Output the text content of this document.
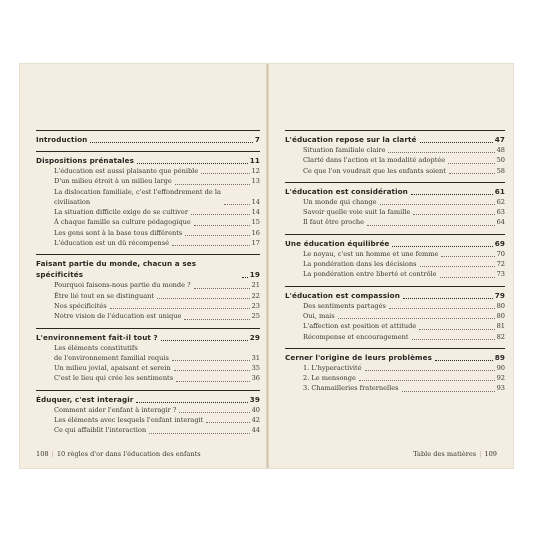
Introduction	7
Dispositions prénatales	11
L'éducation est aussi plaisante que pénible	12
D'un milieu étroit à un milieu large	13
La dislocation familiale, c'est l'effondrement de la
civilisation	14
La situation difficile exige de se cultiver	14
À chaque famille sa culture pédagogique	15
Les gens sont à la base tous différents	16
L'éducation est un dû récompensé	17
Faisant partie du monde, chacun a ses spécificités	19
Pourquoi faisons-nous partie du monde ?	21
Être lié tout en se distinguant	22
Nos spécificités	23
Notre vision de l'éducation est unique	25
L'environnement fait-il tout ?	29
Les éléments constitutifs
de l'environnement familial requis	31
Un milieu jovial, apaisant et serein	35
C'est le lieu qui crée les sentiments	36
Éduquer, c'est interagir	39
Comment aider l'enfant à interagir ?	40
Les éléments avec lesquels l'enfant interagit	42
Ce qui affaiblit l'interaction	44
108 | 10 règles d'or dans l'éducation des enfants
L'éducation repose sur la clarté	47
Situation familiale claire	48
Clarté dans l'action et la modalité adoptée	50
Ce que l'on voudrait que les enfants soient	58
L'éducation est considération	61
Un monde qui change	62
Savoir quelle voie suit la famille	63
Il faut être proche	64
Une éducation équilibrée	69
Le noyau, c'est un homme et une femme	70
La pondération dans les décisions	72
La pondération entre liberté et contrôle	73
L'éducation est compassion	79
Des sentiments partagés	80
Oui, mais	80
L'affection est position et attitude	81
Récompense et encouragement	82
Cerner l'origine de leurs problèmes	89
1. L'hyperactivité	90
2. Le mensonge	92
3. Chamailleries fraternelles	93
Table des matières | 109
